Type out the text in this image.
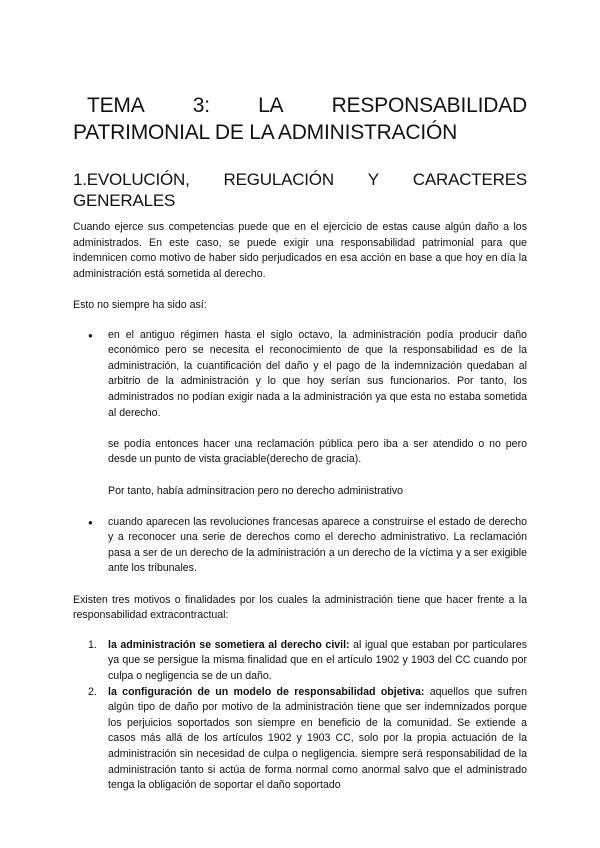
TEMA 3: LA RESPONSABILIDAD
PATRIMONIAL DE LA ADMINISTRACIÓN
1.EVOLUCIÓN, REGULACIÓN Y CARACTERES
GENERALES

Cuando ejerce sus competencias puede que en el ejercicio de estas cause algún daño a los administrados. En este caso, se puede exigir una responsabilidad patrimonial para que indemnicen como motivo de haber sido perjudicados en esa acción en base a que hoy en día la administración está sometida al derecho.

Esto no siempre ha sido así:

● en el antiguo régimen hasta el siglo octavo, la administración podía producir daño económico pero se necesita el reconocimiento de que la responsabilidad es de la administración, la cuantificación del daño y el pago de la indemnización quedaban al arbitrio de la administración y lo que hoy serían sus funcionarios. Por tanto, los administrados no podían exigir nada a la administración ya que esta no estaba sometida al derecho.

se podía entonces hacer una reclamación pública pero iba a ser atendido o no pero desde un punto de vista graciable(derecho de gracia).

Por tanto, había adminsitracion pero no derecho administrativo

● cuando aparecen las revoluciones francesas aparece a construirse el estado de derecho y a reconocer una serie de derechos como el derecho administrativo. La reclamación pasa a ser de un derecho de la administración a un derecho de la víctima y a ser exigible ante los tribunales.

Existen tres motivos o finalidades por los cuales la administración tiene que hacer frente a la responsabilidad extracontractual:

1. la administración se sometiera al derecho civil: al igual que estaban por particulares ya que se persigue la misma finalidad que en el artículo 1902 y 1903 del CC cuando por culpa o negligencia se de un daño.

2. la configuración de un modelo de responsabilidad objetiva: aquellos que sufren algún tipo de daño por motivo de la administración tiene que ser indemnizados porque los perjuicios soportados son siempre en beneficio de la comunidad. Se extiende a casos más allá de los artículos 1902 y 1903 CC, solo por la propia actuación de la administración sin necesidad de culpa o negligencia. siempre será responsabilidad de la administración tanto si actúa de forma normal como anormal salvo que el administrado tenga la obligación de soportar el daño soportado
